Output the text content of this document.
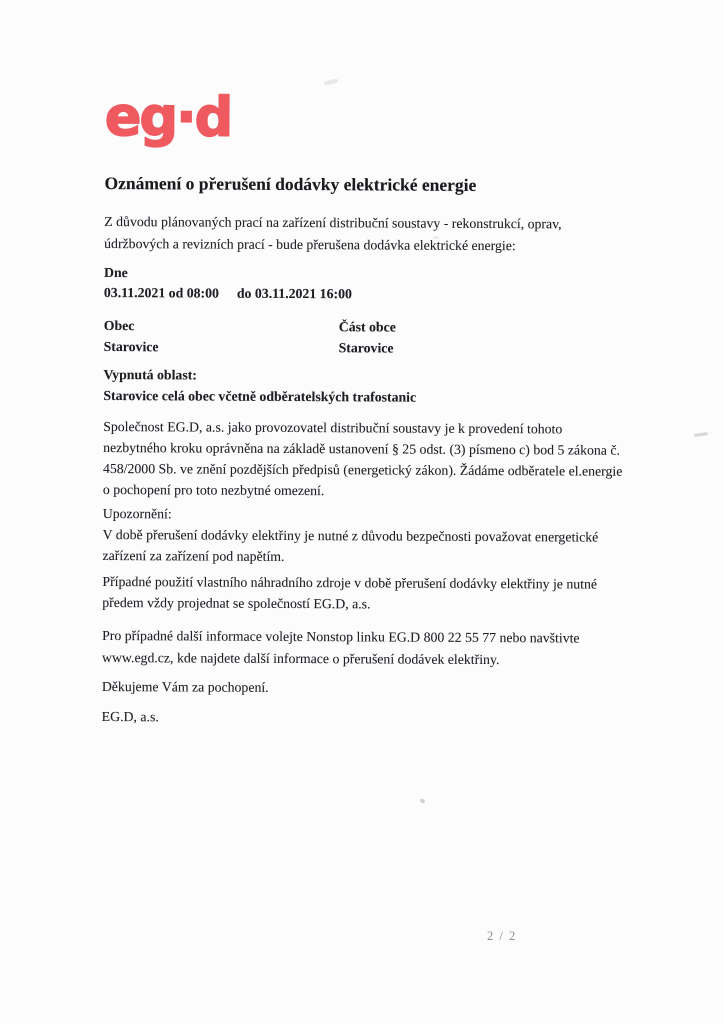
eg·d
Oznámení o přerušení dodávky elektrické energie
Z důvodu plánovaných prací na zařízení distribuční soustavy - rekonstrukcí, oprav,
údržbových a revizních prací - bude přerušena dodávka elektrické energie:
Dne
03.11.2021 od 08:00 do 03.11.2021 16:00
Obec	Část obce
Starovice	Starovice
Vypnutá oblast:
Starovice celá obec včetně odběratelských trafostanic
Společnost EG.D, a.s. jako provozovatel distribuční soustavy je k provedení tohoto
nezbytného kroku oprávněna na základě ustanovení § 25 odst. (3) písmeno c) bod 5 zákona č.
458/2000 Sb. ve znění pozdějších předpisů (energetický zákon). Žádáme odběratele el.energie
o pochopení pro toto nezbytné omezení.
Upozornění:
V době přerušení dodávky elektřiny je nutné z důvodu bezpečnosti považovat energetické
zařízení za zařízení pod napětím.
Případné použití vlastního náhradního zdroje v době přerušení dodávky elektřiny je nutné
předem vždy projednat se společností EG.D, a.s.
Pro případné další informace volejte Nonstop linku EG.D 800 22 55 77 nebo navštivte
www.egd.cz, kde najdete další informace o přerušení dodávek elektřiny.
Děkujeme Vám za pochopení.
EG.D, a.s.
2 / 2
